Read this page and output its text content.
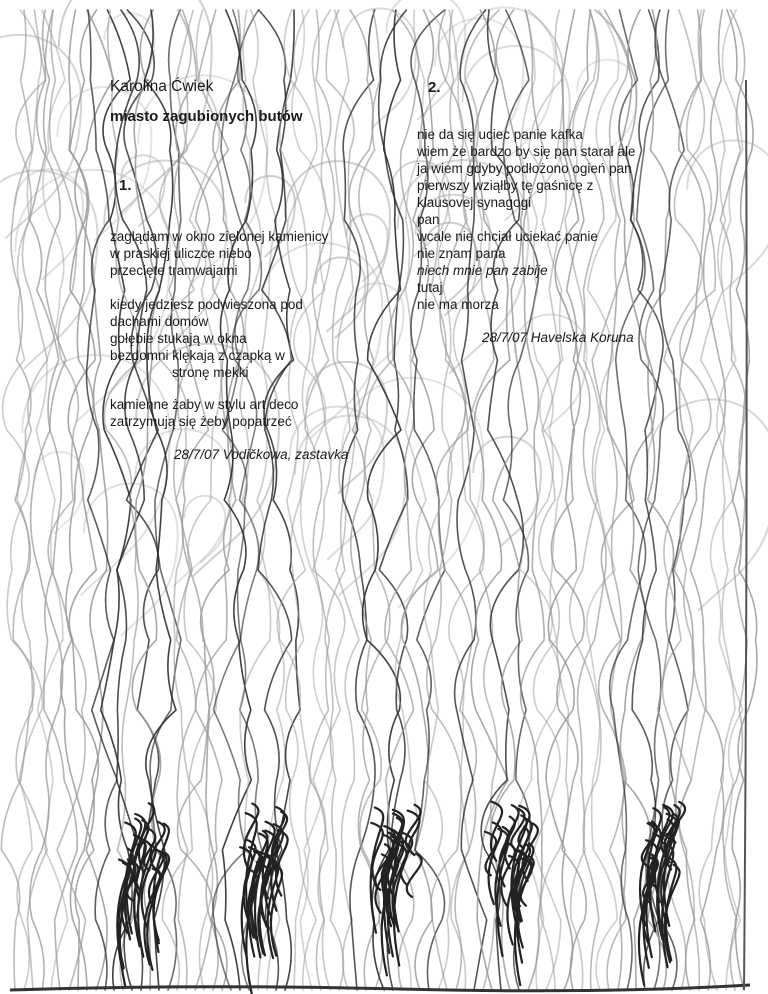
Karolina Ćwiek
miasto zagubionych butów
1.
zaglądam w okno zielonej kamienicy
w praskiej uliczce niebo
przecięte tramwajami
kiedy jedziesz podwieszona pod
dachami domów
gołębie stukają w okna
bezdomni klękają z czapką w
stronę mekki
kamienne żaby w stylu art deco
zatrzymują się żeby popatrzeć
28/7/07 Vodičkowa, zastavka
2.
nie da się uciec panie kafka
wiem że bardzo by się pan starał ale
ja wiem gdyby podłożono ogień pan
pierwszy wziąłby tę gaśnicę z
klausovej synagogi
pan
wcale nie chciał uciekać panie
nie znam pana
niech mnie pan zabije
tutaj
nie ma morza
28/7/07 Havelska Koruna
